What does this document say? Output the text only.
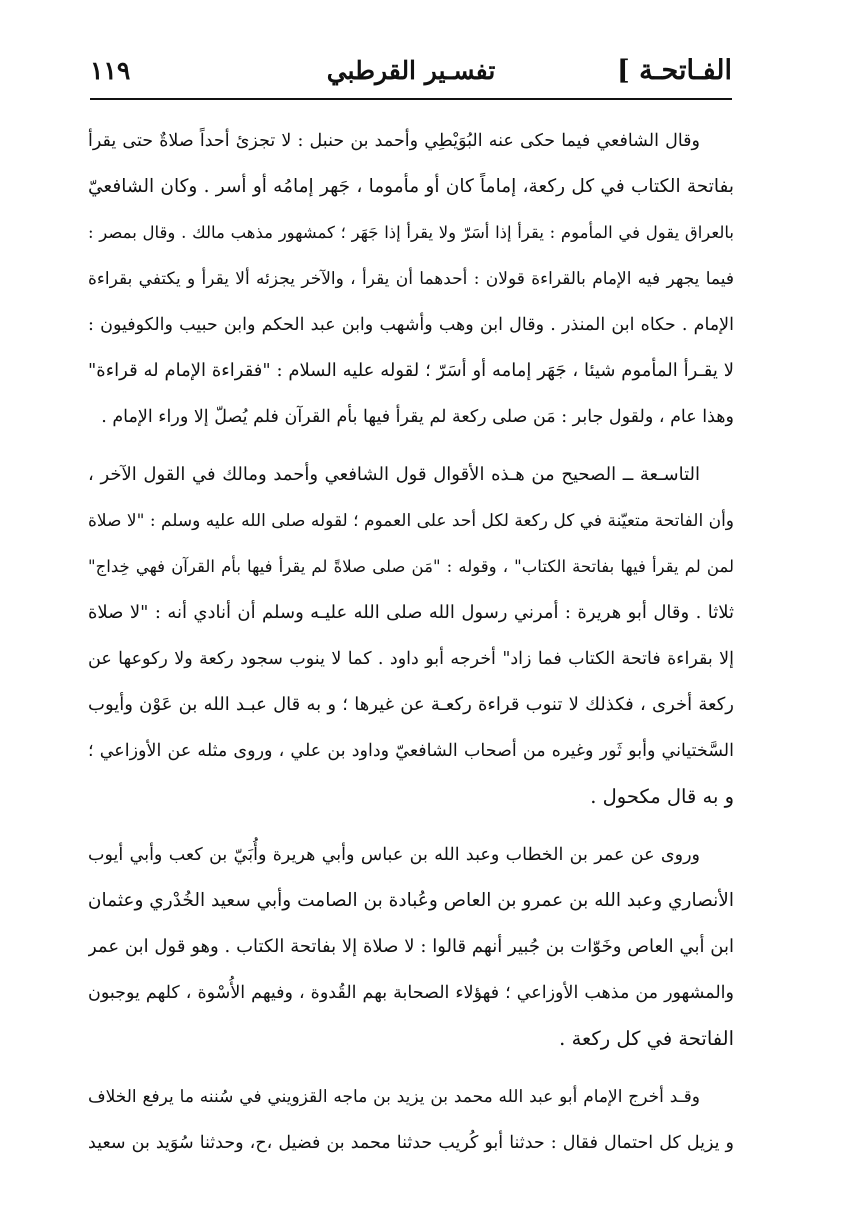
الفـاتحـة ]
تفسـير القرطبي
١١٩
وقال الشافعي فيما حكى عنه البُوَيْطِي وأحمد بن حنبل : لا تجزئ أحداً صلاةٌ حتى يقرأ
بفاتحة الكتاب في كل ركعة، إماماً كان أو مأموما ، جَهر إمامُه أو أسر . وكان الشافعيّ
بالعراق يقول في المأموم : يقرأ إذا أسَرّ ولا يقرأ إذا جَهَر ؛ كمشهور مذهب مالك . وقال بمصر :
فيما يجهر فيه الإمام بالقراءة قولان : أحدهما أن يقرأ ، والآخر يجزئه ألا يقرأ و يكتفي بقراءة
الإمام . حكاه ابن المنذر . وقال ابن وهب وأشهب وابن عبد الحكم وابن حبيب والكوفيون :
لا يقـرأ المأموم شيئا ، جَهَر إمامه أو أسَرّ ؛ لقوله عليه السلام : "فقراءة الإمام له قراءة"
وهذا عام ، ولقول جابر : مَن صلى ركعة لم يقرأ فيها بأم القرآن فلم يُصلّ إلا وراء الإمام .
التاسـعة ــ الصحيح من هـذه الأقوال قول الشافعي وأحمد ومالك في القول الآخر ،
وأن الفاتحة متعيّنة في كل ركعة لكل أحد على العموم ؛ لقوله صلى الله عليه وسلم : "لا صلاة
لمن لم يقرأ فيها بفاتحة الكتاب" ، وقوله : "مَن صلى صلاةً لم يقرأ فيها بأم القرآن فهي خِداج"
ثلاثا . وقال أبو هريرة : أمرني رسول الله صلى الله عليـه وسلم أن أنادي أنه : "لا صلاة
إلا بقراءة فاتحة الكتاب فما زاد" أخرجه أبو داود . كما لا ينوب سجود ركعة ولا ركوعها عن
ركعة أخرى ، فكذلك لا تنوب قراءة ركعـة عن غيرها ؛ و به قال عبـد الله بن عَوْن وأيوب
السَّختياني وأبو ثَور وغيره من أصحاب الشافعيّ وداود بن علي ، وروى مثله عن الأوزاعي ؛
و به قال مكحول .
وروى عن عمر بن الخطاب وعبد الله بن عباس وأبي هريرة وأُبَيّ بن كعب وأبي أيوب
الأنصاري وعبد الله بن عمرو بن العاص وعُبادة بن الصامت وأبي سعيد الخُدْري وعثمان
ابن أبي العاص وخَوّات بن جُبير أنهم قالوا : لا صلاة إلا بفاتحة الكتاب . وهو قول ابن عمر
والمشهور من مذهب الأوزاعي ؛ فهؤلاء الصحابة بهم القُدوة ، وفيهم الأُسْوة ، كلهم يوجبون
الفاتحة في كل ركعة .
وقـد أخرج الإمام أبو عبد الله محمد بن يزيد بن ماجه القزويني في سُننه ما يرفع الخلاف
و يزيل كل احتمال فقال : حدثنا أبو كُريب حدثنا محمد بن فضيل ،ح، وحدثنا سُوَيد بن سعيد
